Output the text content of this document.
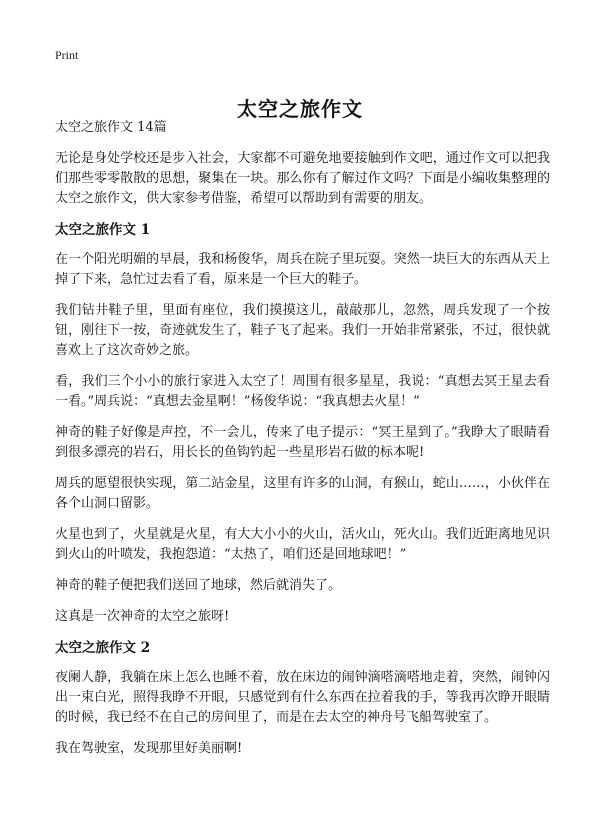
Print
太空之旅作文
太空之旅作文 14篇

无论是身处学校还是步入社会，大家都不可避免地要接触到作文吧，通过作文可以把我们那些零零散散的思想，聚集在一块。那么你有了解过作文吗？下面是小编收集整理的太空之旅作文，供大家参考借鉴，希望可以帮助到有需要的朋友。

太空之旅作文 1

在一个阳光明媚的早晨，我和杨俊华，周兵在院子里玩耍。突然一块巨大的东西从天上掉了下来，急忙过去看了看，原来是一个巨大的鞋子。

我们钻井鞋子里，里面有座位，我们摸摸这儿，敲敲那儿，忽然，周兵发现了一个按钮，刚往下一按，奇迹就发生了，鞋子飞了起来。我们一开始非常紧张，不过，很快就喜欢上了这次奇妙之旅。

看，我们三个小小的旅行家进入太空了！周围有很多星星，我说：“真想去冥王星去看一看。”周兵说：“真想去金星啊！”杨俊华说：“我真想去火星！”

神奇的鞋子好像是声控，不一会儿，传来了电子提示：“冥王星到了。”我睁大了眼睛看到很多漂亮的岩石，用长长的鱼钩钓起一些星形岩石做的标本呢!

周兵的愿望很快实现，第二站金星，这里有许多的山洞，有猴山，蛇山……，小伙伴在各个山洞口留影。

火星也到了，火星就是火星，有大大小小的火山，活火山，死火山。我们近距离地见识到火山的叶喷发，我抱怨道：“太热了，咱们还是回地球吧！”

神奇的鞋子便把我们送回了地球，然后就消失了。

这真是一次神奇的太空之旅呀!

太空之旅作文 2

夜阑人静，我躺在床上怎么也睡不着，放在床边的闹钟滴嗒滴嗒地走着，突然，闹钟闪出一束白光，照得我睁不开眼，只感觉到有什么东西在拉着我的手，等我再次睁开眼睛的时候，我已经不在自己的房间里了，而是在去太空的神舟号飞船驾驶室了。

我在驾驶室，发现那里好美丽啊!
